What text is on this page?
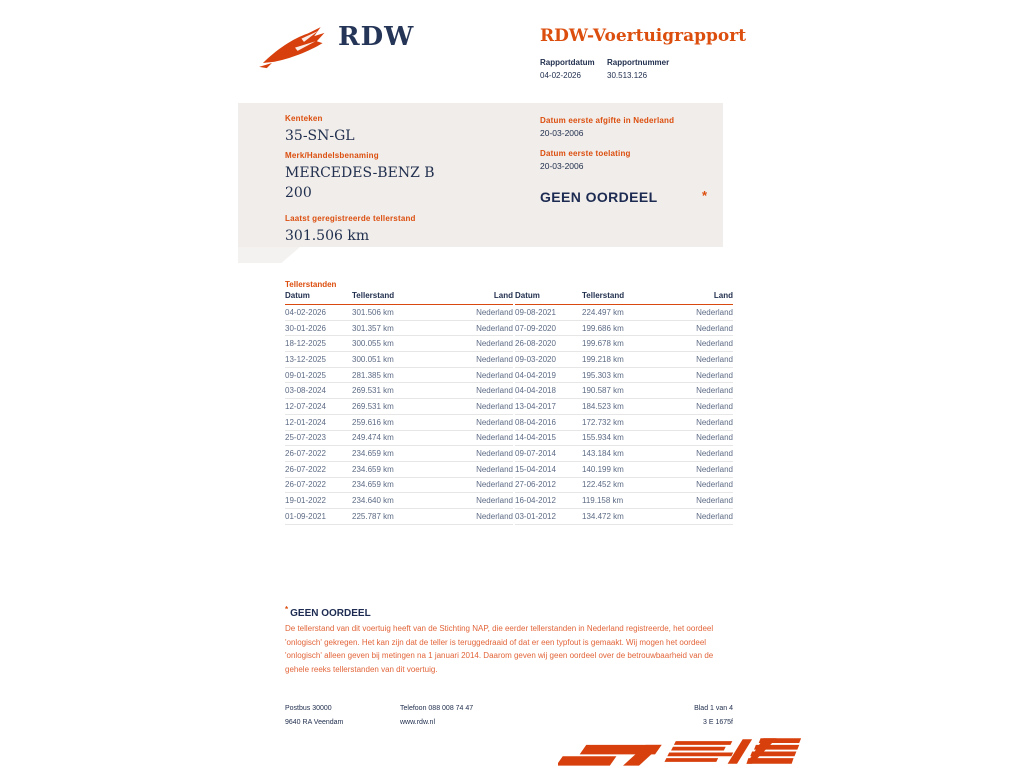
RDW	RDW-Voertuigrapport
Rapportdatum
04-02-2026
Rapportnummer
30.513.126
Kenteken
35-SN-GL
Merk/Handelsbenaming
MERCEDES-BENZ B 200
Laatst geregistreerde tellerstand
301.506 km
Datum eerste afgifte in Nederland
20-03-2006
Datum eerste toelating
20-03-2006
GEEN OORDEEL	*
Tellerstanden
Datum	Tellerstand	Land
04-02-2026	301.506 km	Nederland
30-01-2026	301.357 km	Nederland
18-12-2025	300.055 km	Nederland
13-12-2025	300.051 km	Nederland
09-01-2025	281.385 km	Nederland
03-08-2024	269.531 km	Nederland
12-07-2024	269.531 km	Nederland
12-01-2024	259.616 km	Nederland
25-07-2023	249.474 km	Nederland
26-07-2022	234.659 km	Nederland
26-07-2022	234.659 km	Nederland
26-07-2022	234.659 km	Nederland
19-01-2022	234.640 km	Nederland
01-09-2021	225.787 km	Nederland
Datum	Tellerstand	Land
09-08-2021	224.497 km	Nederland
07-09-2020	199.686 km	Nederland
26-08-2020	199.678 km	Nederland
09-03-2020	199.218 km	Nederland
04-04-2019	195.303 km	Nederland
04-04-2018	190.587 km	Nederland
13-04-2017	184.523 km	Nederland
08-04-2016	172.732 km	Nederland
14-04-2015	155.934 km	Nederland
09-07-2014	143.184 km	Nederland
15-04-2014	140.199 km	Nederland
27-06-2012	122.452 km	Nederland
16-04-2012	119.158 km	Nederland
03-01-2012	134.472 km	Nederland
* GEEN OORDEEL
De tellerstand van dit voertuig heeft van de Stichting NAP, die eerder tellerstanden in Nederland registreerde, het oordeel 'onlogisch' gekregen. Het kan zijn dat de teller is teruggedraaid of dat er een typfout is gemaakt. Wij mogen het oordeel 'onlogisch' alleen geven bij metingen na 1 januari 2014. Daarom geven wij geen oordeel over de betrouwbaarheid van de gehele reeks tellerstanden van dit voertuig.
Postbus 30000
9640 RA Veendam
Telefoon 088 008 74 47
www.rdw.nl
Blad 1 van 4
3 E 1675f
